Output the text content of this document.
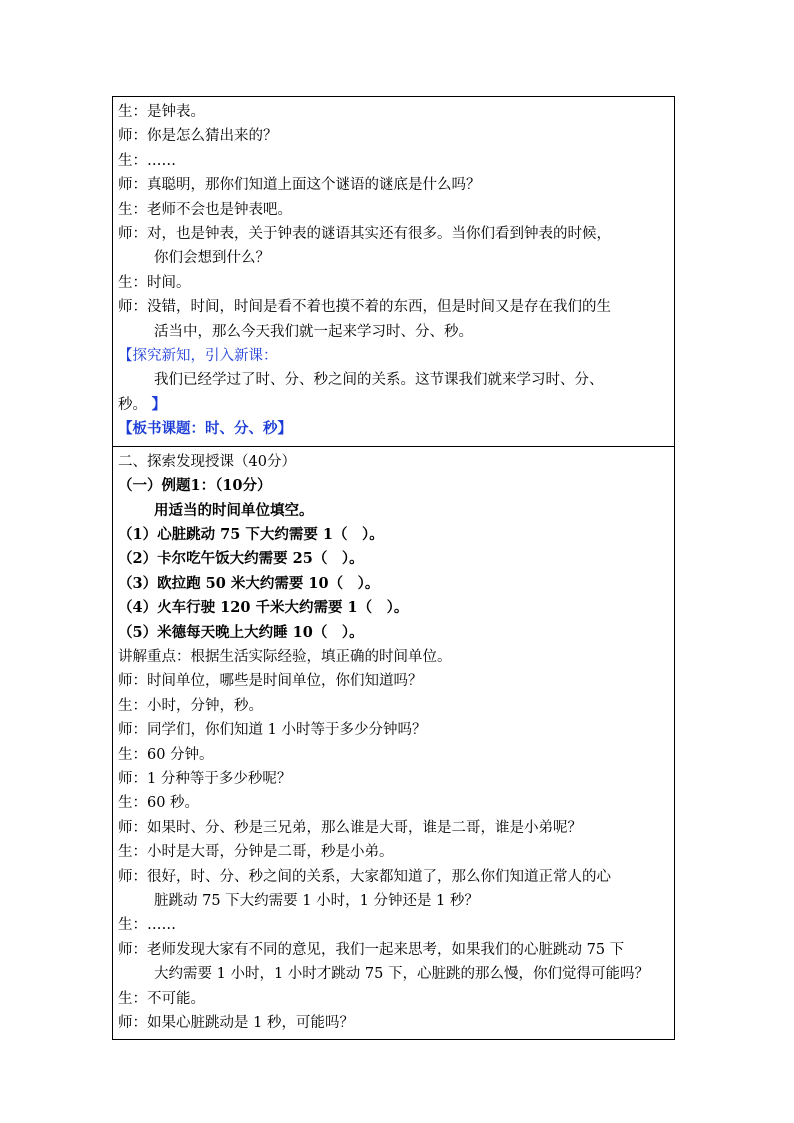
生：是钟表。
师：你是怎么猜出来的？
生：……
师：真聪明，那你们知道上面这个谜语的谜底是什么吗？
生：老师不会也是钟表吧。
师：对，也是钟表，关于钟表的谜语其实还有很多。当你们看到钟表的时候，
你们会想到什么？
生：时间。
师：没错，时间，时间是看不着也摸不着的东西，但是时间又是存在我们的生
活当中，那么今天我们就一起来学习时、分、秒。
【探究新知，引入新课：
我们已经学过了时、分、秒之间的关系。这节课我们就来学习时、分、
秒。 】
【板书课题：时、分、秒】

二、探索发现授课（40分）
（一）例题1：（10分）
用适当的时间单位填空。
（1）心脏跳动 75 下大约需要 1（　）。
（2）卡尔吃午饭大约需要 25（　）。
（3）欧拉跑 50 米大约需要 10（　）。
（4）火车行驶 120 千米大约需要 1（　）。
（5）米德每天晚上大约睡 10（　）。
讲解重点：根据生活实际经验，填正确的时间单位。
师：时间单位，哪些是时间单位，你们知道吗？
生：小时，分钟，秒。
师：同学们，你们知道 1 小时等于多少分钟吗？
生：60 分钟。
师：1 分种等于多少秒呢？
生：60 秒。
师：如果时、分、秒是三兄弟，那么谁是大哥，谁是二哥，谁是小弟呢？
生：小时是大哥，分钟是二哥，秒是小弟。
师：很好，时、分、秒之间的关系，大家都知道了，那么你们知道正常人的心
脏跳动 75 下大约需要 1 小时，1 分钟还是 1 秒？
生：……
师：老师发现大家有不同的意见，我们一起来思考，如果我们的心脏跳动 75 下
大约需要 1 小时，1 小时才跳动 75 下，心脏跳的那么慢，你们觉得可能吗？
生：不可能。
师：如果心脏跳动是 1 秒，可能吗？
